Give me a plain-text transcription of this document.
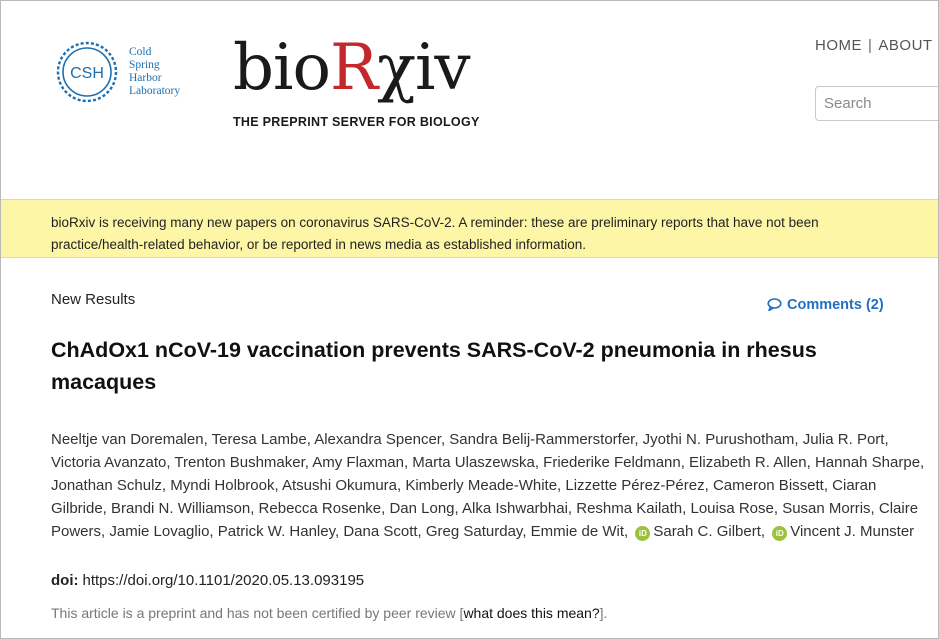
CSH
Cold
Spring
Harbor
Laboratory bioRχiv
THE PREPRINT SERVER FOR BIOLOGY
HOME | ABOUT
Search

bioRxiv is receiving many new papers on coronavirus SARS-CoV-2. A reminder: these are preliminary reports that have not been
practice/health-related behavior, or be reported in news media as established information.

New Results	Comments (2)
ChAdOx1 nCoV-19 vaccination prevents SARS-CoV-2 pneumonia in rhesus macaques
Neeltje van Doremalen, Teresa Lambe, Alexandra Spencer, Sandra Belij-Rammerstorfer, Jyothi N. Purushotham, Julia R. Port, Victoria Avanzato, Trenton Bushmaker, Amy Flaxman, Marta Ulaszewska, Friederike Feldmann, Elizabeth R. Allen, Hannah Sharpe, Jonathan Schulz, Myndi Holbrook, Atsushi Okumura, Kimberly Meade-White, Lizzette Pérez-Pérez, Cameron Bissett, Ciaran Gilbride, Brandi N. Williamson, Rebecca Rosenke, Dan Long, Alka Ishwarbhai, Reshma Kailath, Louisa Rose, Susan Morris, Claire Powers, Jamie Lovaglio, Patrick W. Hanley, Dana Scott, Greg Saturday, Emmie de Wit, iD Sarah C. Gilbert, iD Vincent J. Munster
doi: https://doi.org/10.1101/2020.05.13.093195
This article is a preprint and has not been certified by peer review [what does this mean?].
